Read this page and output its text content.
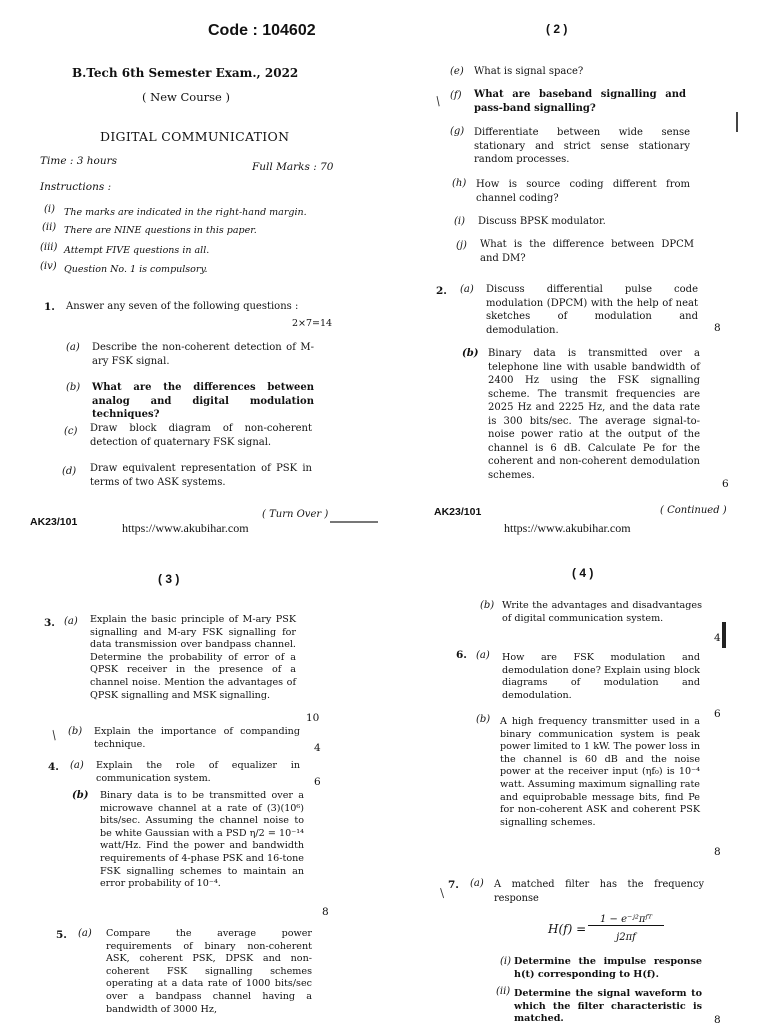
Code : 104602
B.Tech 6th Semester Exam., 2022
( New Course )
DIGITAL COMMUNICATION
Time : 3 hours	Full Marks : 70
Instructions :
(i) The marks are indicated in the right-hand margin.
(ii) There are NINE questions in this paper.
(iii) Attempt FIVE questions in all.
(iv) Question No. 1 is compulsory.
1. Answer any seven of the following questions :
2×7=14
(a) Describe the non-coherent detection of M-ary FSK signal.
(b) What are the differences between analog and digital modulation techniques?
(c) Draw block diagram of non-coherent detection of quaternary FSK signal.
(d) Draw equivalent representation of PSK in terms of two ASK systems.
AK23/101
( Turn Over )
https://www.akubihar.com
( 2 )
(e) What is signal space?
/ (f) What are baseband signalling and pass-band signalling?
(g) Differentiate between wide sense stationary and strict sense stationary random processes.
(h) How is source coding different from channel coding?
(i) Discuss BPSK modulator.
(j) What is the difference between DPCM and DM?
2. (a) Discuss differential pulse code modulation (DPCM) with the help of neat sketches of modulation and demodulation.	8
(b) Binary data is transmitted over a telephone line with usable bandwidth of 2400 Hz using the FSK signalling scheme. The transmit frequencies are 2025 Hz and 2225 Hz, and the data rate is 300 bits/sec. The average signal-to-noise power ratio at the output of the channel is 6 dB. Calculate Pe for the coherent and non-coherent demodulation schemes.
6
AK23/101	( Continued )
https://www.akubihar.com
( 3 )
3. (a) Explain the basic principle of M-ary PSK signalling and M-ary FSK signalling for data transmission over bandpass channel. Determine the probability of error of a QPSK receiver in the presence of a channel noise. Mention the advantages of QPSK signalling and MSK signalling.
10
/ (b) Explain the importance of companding technique.	4
4. (a) Explain the role of equalizer in communication system.	6
(b) Binary data is to be transmitted over a microwave channel at a rate of (3)(10⁶) bits/sec. Assuming the channel noise to be white Gaussian with a PSD η/2 = 10⁻¹⁴ watt/Hz. Find the power and bandwidth requirements of 4-phase PSK and 16-tone FSK signalling schemes to maintain an error probability of 10⁻⁴.
8
5. (a) Compare the average power requirements of binary non-coherent ASK, coherent PSK, DPSK and non-coherent FSK signalling schemes operating at a data rate of 1000 bits/sec over a bandpass channel having a bandwidth of 3000 Hz,
( 4 )
(b) Write the advantages and disadvantages of digital communication system.
4
6. (a) How are FSK modulation and demodulation done? Explain using block diagrams of modulation and demodulation.
6
(b) A high frequency transmitter used in a binary communication system is peak power limited to 1 kW. The power loss in the channel is 60 dB and the noise power at the receiver input (ηf₀) is 10⁻⁴ watt. Assuming maximum signalling rate and equiprobable message bits, find Pe for non-coherent ASK and coherent PSK signalling schemes.
8
/
7. (a) A matched filter has the frequency response
H(f) =
1 − e⁻ʲ²πᶠᵀ
j2πf
(i) Determine the impulse response h(t) corresponding to H(f).
(ii) Determine the signal waveform to which the filter characteristic is matched.	8
